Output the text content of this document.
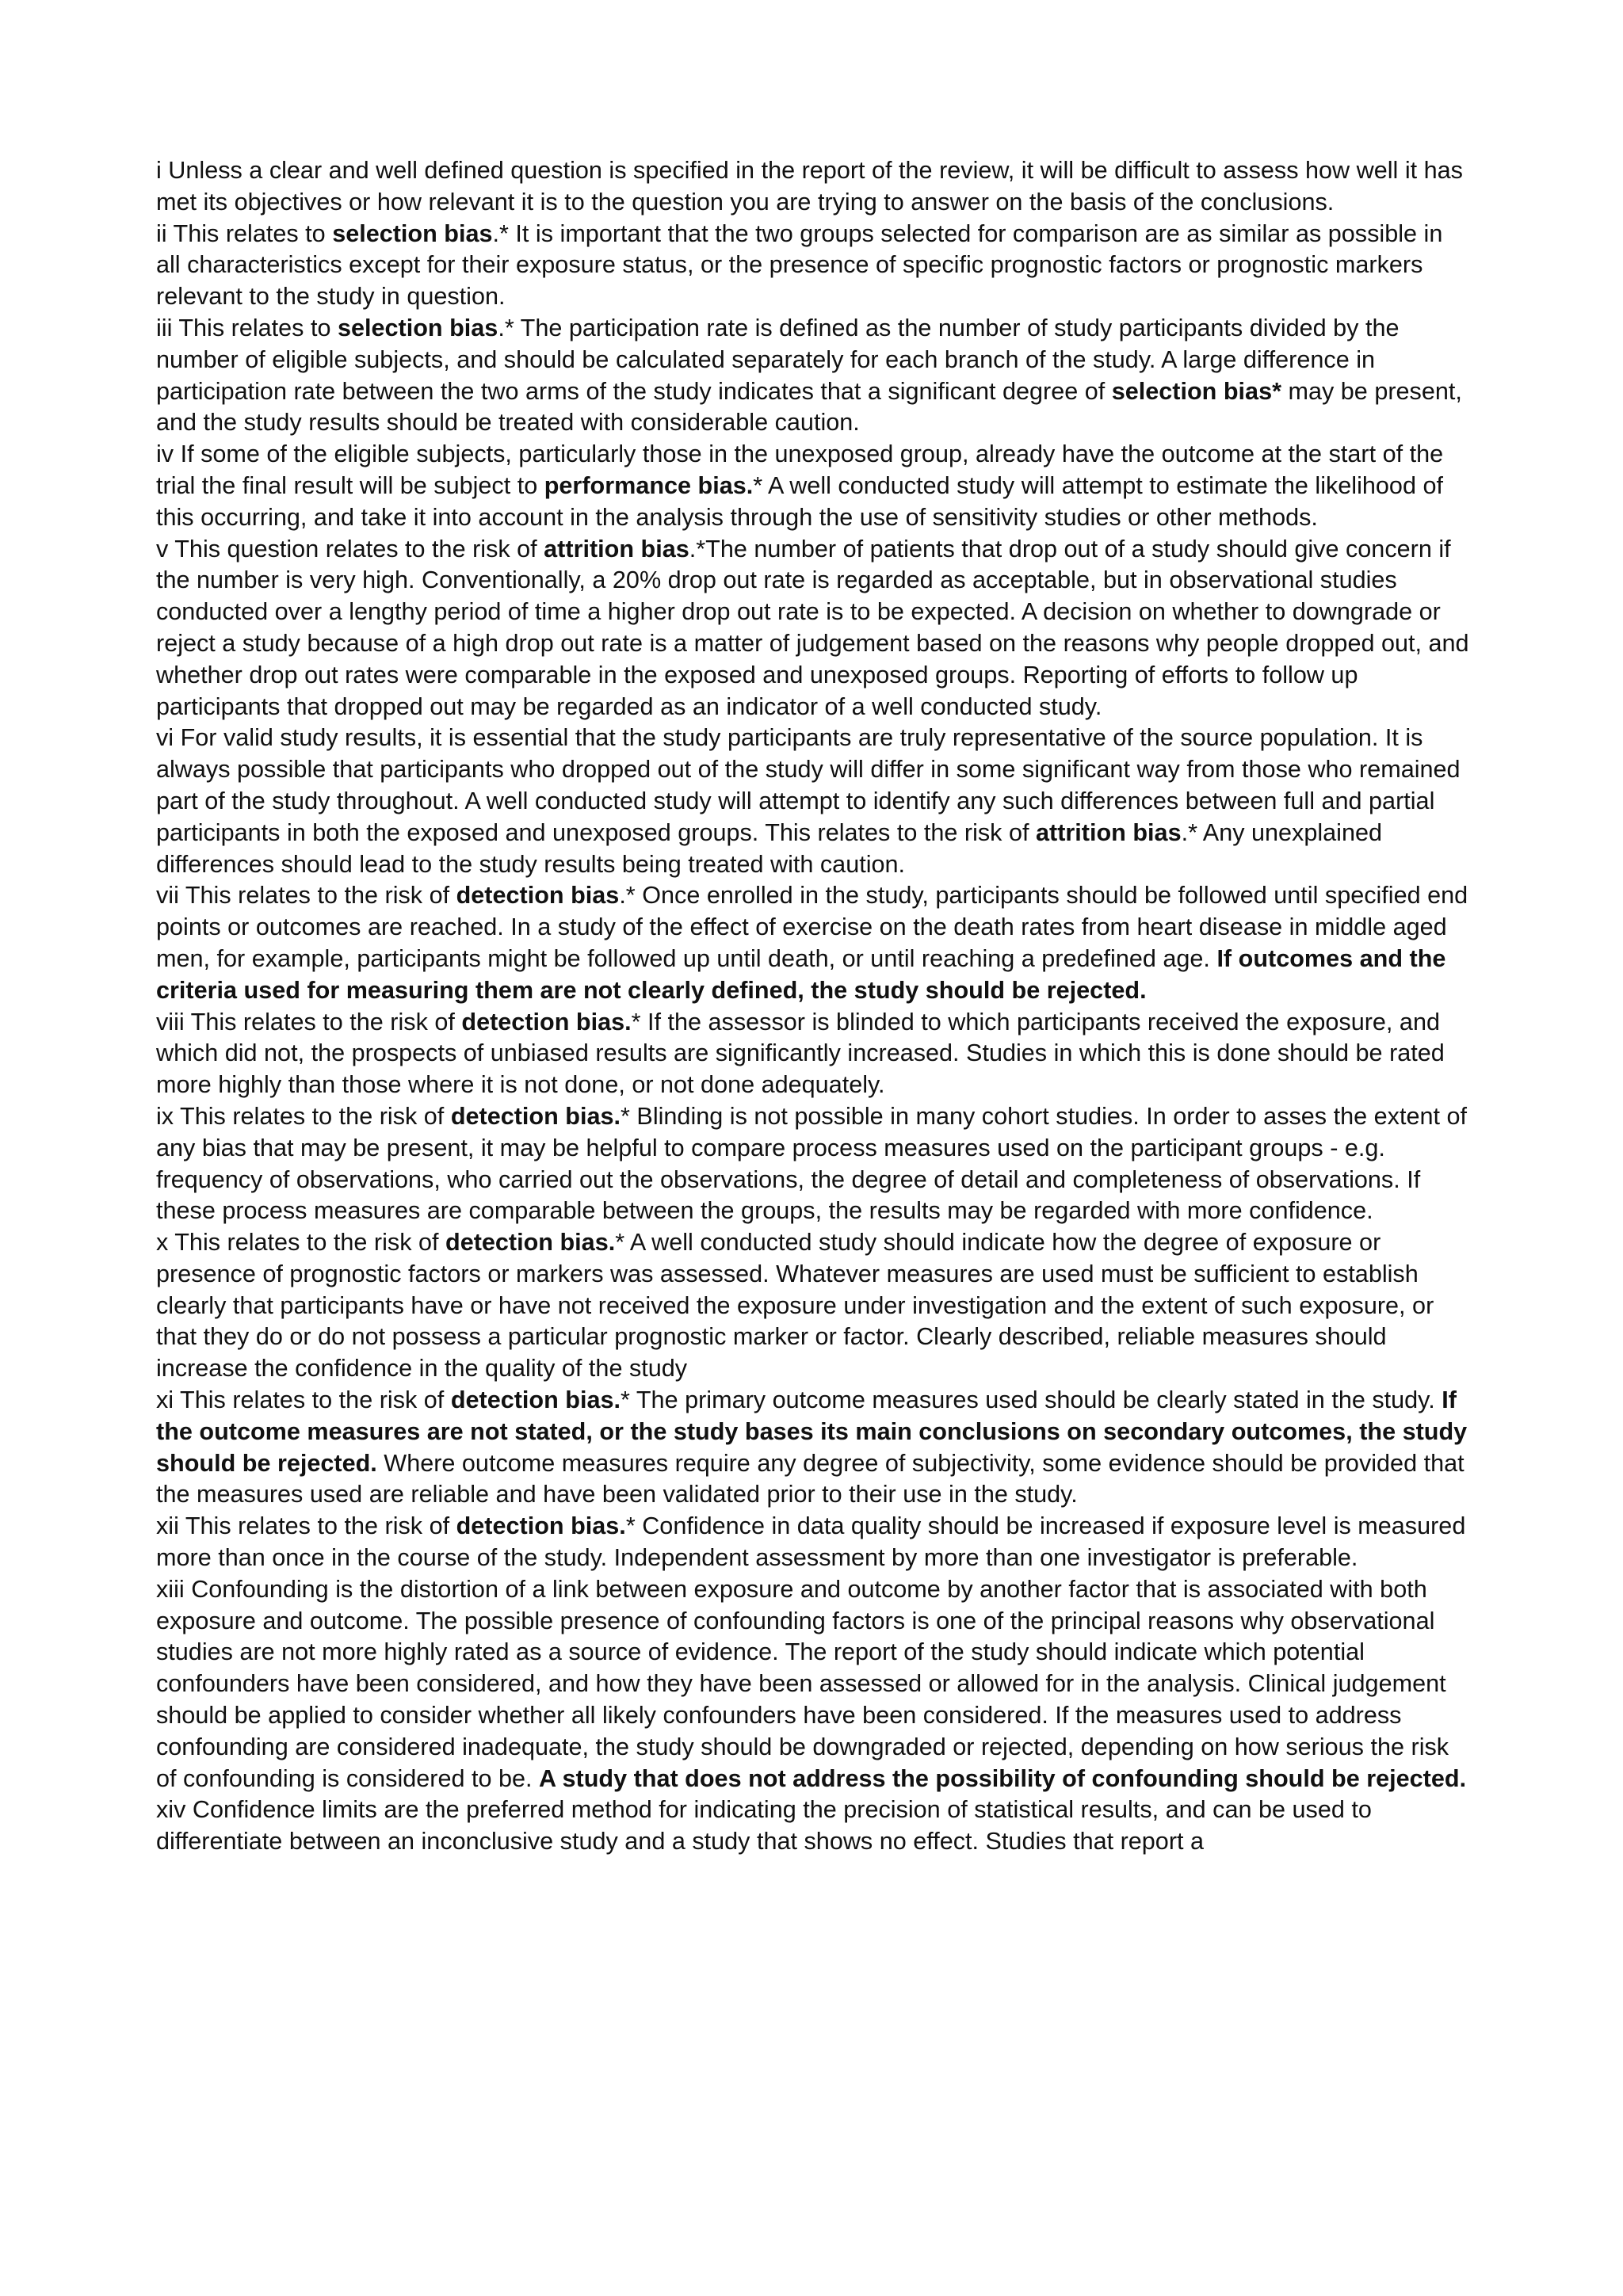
i Unless a clear and well defined question is specified in the report of the review, it will be difficult to assess how well it has met its objectives or how relevant it is to the question you are trying to answer on the basis of the conclusions.

ii This relates to selection bias.* It is important that the two groups selected for comparison are as similar as possible in all characteristics except for their exposure status, or the presence of specific prognostic factors or prognostic markers relevant to the study in question.

iii This relates to selection bias.* The participation rate is defined as the number of study participants divided by the number of eligible subjects, and should be calculated separately for each branch of the study. A large difference in participation rate between the two arms of the study indicates that a significant degree of selection bias* may be present, and the study results should be treated with considerable caution.

iv If some of the eligible subjects, particularly those in the unexposed group, already have the outcome at the start of the trial the final result will be subject to performance bias.* A well conducted study will attempt to estimate the likelihood of this occurring, and take it into account in the analysis through the use of sensitivity studies or other methods.

v This question relates to the risk of attrition bias.*The number of patients that drop out of a study should give concern if the number is very high. Conventionally, a 20% drop out rate is regarded as acceptable, but in observational studies conducted over a lengthy period of time a higher drop out rate is to be expected. A decision on whether to downgrade or reject a study because of a high drop out rate is a matter of judgement based on the reasons why people dropped out, and whether drop out rates were comparable in the exposed and unexposed groups. Reporting of efforts to follow up participants that dropped out may be regarded as an indicator of a well conducted study.

vi For valid study results, it is essential that the study participants are truly representative of the source population. It is always possible that participants who dropped out of the study will differ in some significant way from those who remained part of the study throughout. A well conducted study will attempt to identify any such differences between full and partial participants in both the exposed and unexposed groups. This relates to the risk of attrition bias.* Any unexplained differences should lead to the study results being treated with caution.

vii This relates to the risk of detection bias.* Once enrolled in the study, participants should be followed until specified end points or outcomes are reached. In a study of the effect of exercise on the death rates from heart disease in middle aged men, for example, participants might be followed up until death, or until reaching a predefined age. If outcomes and the criteria used for measuring them are not clearly defined, the study should be rejected.

viii This relates to the risk of detection bias.* If the assessor is blinded to which participants received the exposure, and which did not, the prospects of unbiased results are significantly increased. Studies in which this is done should be rated more highly than those where it is not done, or not done adequately.

ix This relates to the risk of detection bias.* Blinding is not possible in many cohort studies. In order to asses the extent of any bias that may be present, it may be helpful to compare process measures used on the participant groups - e.g. frequency of observations, who carried out the observations, the degree of detail and completeness of observations. If these process measures are comparable between the groups, the results may be regarded with more confidence.

x This relates to the risk of detection bias.* A well conducted study should indicate how the degree of exposure or presence of prognostic factors or markers was assessed. Whatever measures are used must be sufficient to establish clearly that participants have or have not received the exposure under investigation and the extent of such exposure, or that they do or do not possess a particular prognostic marker or factor. Clearly described, reliable measures should increase the confidence in the quality of the study

xi This relates to the risk of detection bias.* The primary outcome measures used should be clearly stated in the study. If the outcome measures are not stated, or the study bases its main conclusions on secondary outcomes, the study should be rejected. Where outcome measures require any degree of subjectivity, some evidence should be provided that the measures used are reliable and have been validated prior to their use in the study.

xii This relates to the risk of detection bias.* Confidence in data quality should be increased if exposure level is measured more than once in the course of the study. Independent assessment by more than one investigator is preferable.

xiii Confounding is the distortion of a link between exposure and outcome by another factor that is associated with both exposure and outcome. The possible presence of confounding factors is one of the principal reasons why observational studies are not more highly rated as a source of evidence. The report of the study should indicate which potential confounders have been considered, and how they have been assessed or allowed for in the analysis. Clinical judgement should be applied to consider whether all likely confounders have been considered. If the measures used to address confounding are considered inadequate, the study should be downgraded or rejected, depending on how serious the risk of confounding is considered to be. A study that does not address the possibility of confounding should be rejected.

xiv Confidence limits are the preferred method for indicating the precision of statistical results, and can be used to differentiate between an inconclusive study and a study that shows no effect. Studies that report a
